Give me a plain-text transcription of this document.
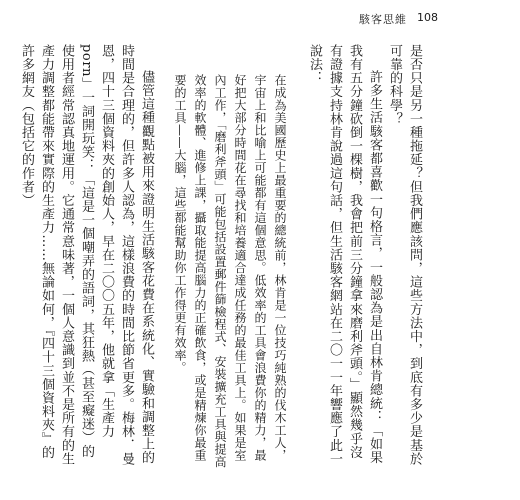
駭客思維 108

是否只是另一種拖延？但我們應該問，這些方法中，到底有多少是基於可靠的科學？

許多生活駭客都喜歡一句格言，一般認為是出自林肯總統：「如果我有五分鐘砍倒一棵樹，我會把前三分鐘拿來磨利斧頭。」顯然幾乎沒有證據支持林肯說過這句話，但生活駭客網站在二〇一一年響應了此一說法：

在成為美國歷史上最重要的總統前，林肯是一位技巧純熟的伐木工人，宇宙上和比喻上可能都有這個意思。低效率的工具會浪費你的精力，最好把大部分時間花在尋找和培養適合達成任務的最佳工具上。如果是室內工作，「磨利斧頭」可能包括設置郵件篩檢程式、安裝擴充工具與提高效率的軟體、進修上課，攝取能提高腦力的正確飲食，或是精煉你最重要的工具——大腦，這些都能幫助你工作得更有效率。

儘管這種觀點被用來證明生活駭客花費在系統化、實驗和調整上的時間是合理的，但許多人認為，這樣浪費的時間比節省更多。梅林．曼恩，四十三個資料夾的創始人，早在二〇〇五年，他就拿「生產力 porn」一詞開玩笑：「這是一個嘲弄的語詞，其狂熱（甚至癡迷）的使用者經常認真地運用。它通常意味著，一個人意識到並不是所有的生產力調整都能帶來實際的生產力……無論如何，『四十三個資料夾』的許多網友（包括它的作者）
